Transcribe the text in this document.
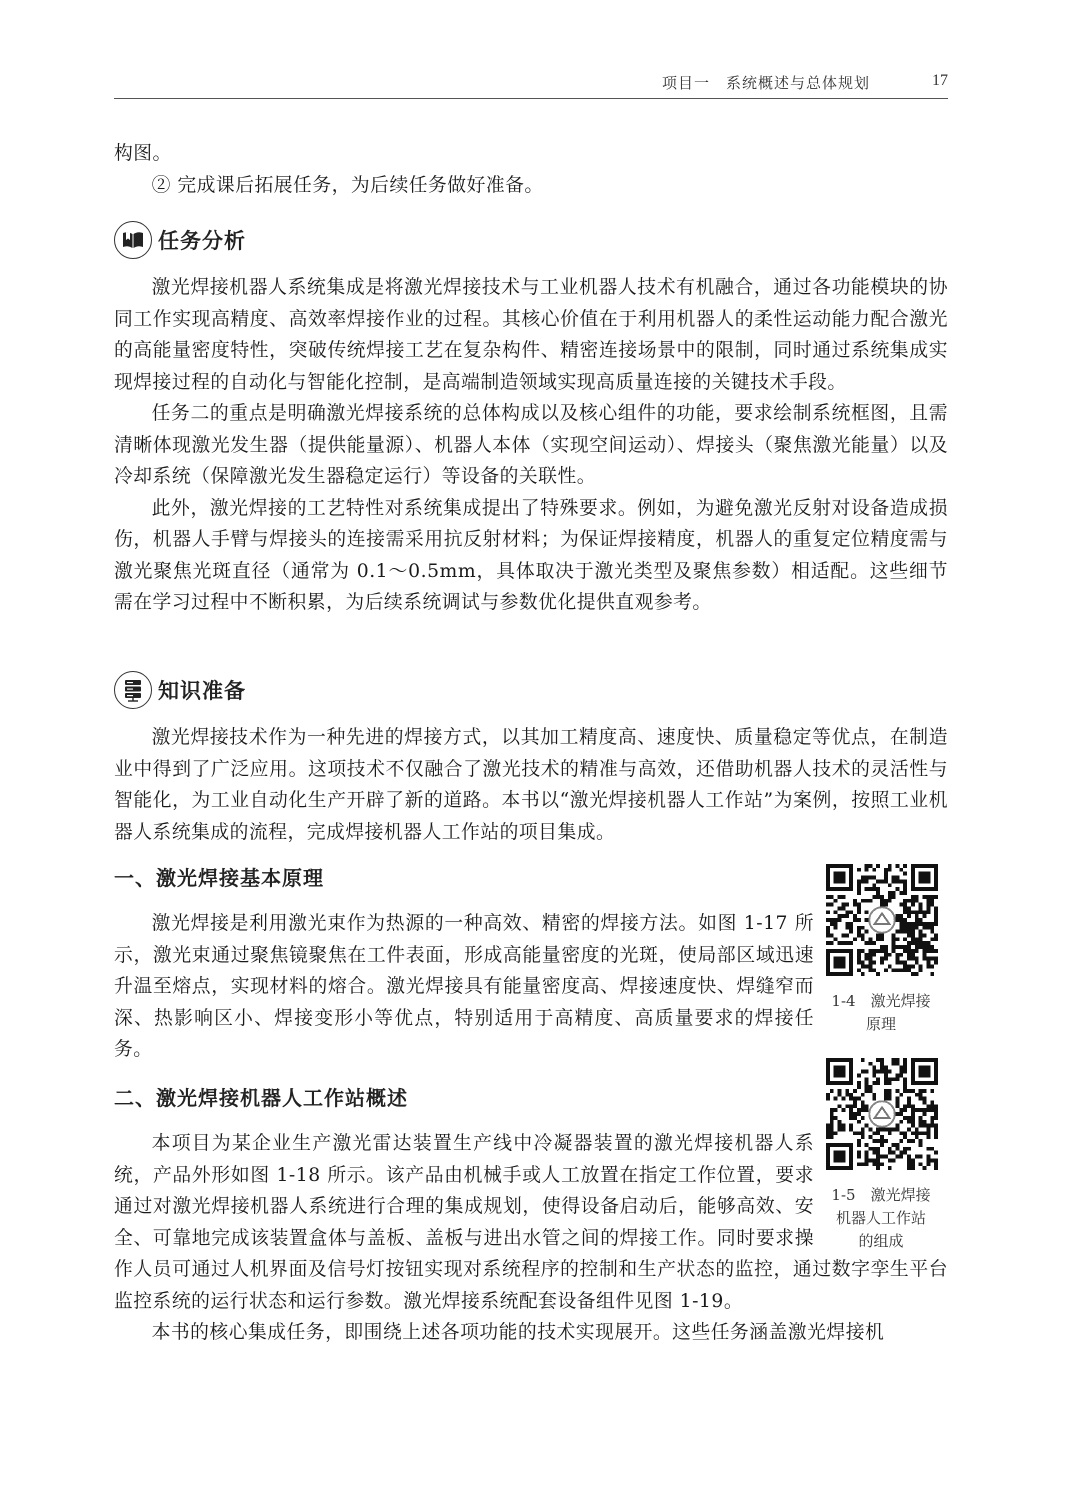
项目一　系统概述与总体规划	17

构图。

② 完成课后拓展任务，为后续任务做好准备。

任务分析

激光焊接机器人系统集成是将激光焊接技术与工业机器人技术有机融合，通过各功能模块的协同工作实现高精度、高效率焊接作业的过程。其核心价值在于利用机器人的柔性运动能力配合激光的高能量密度特性，突破传统焊接工艺在复杂构件、精密连接场景中的限制，同时通过系统集成实现焊接过程的自动化与智能化控制，是高端制造领域实现高质量连接的关键技术手段。

任务二的重点是明确激光焊接系统的总体构成以及核心组件的功能，要求绘制系统框图，且需清晰体现激光发生器（提供能量源）、机器人本体（实现空间运动）、焊接头（聚焦激光能量）以及冷却系统（保障激光发生器稳定运行）等设备的关联性。

此外，激光焊接的工艺特性对系统集成提出了特殊要求。例如，为避免激光反射对设备造成损伤，机器人手臂与焊接头的连接需采用抗反射材料；为保证焊接精度，机器人的重复定位精度需与激光聚焦光斑直径（通常为 0.1～0.5mm，具体取决于激光类型及聚焦参数）相适配。这些细节需在学习过程中不断积累，为后续系统调试与参数优化提供直观参考。

知识准备

激光焊接技术作为一种先进的焊接方式，以其加工精度高、速度快、质量稳定等优点，在制造业中得到了广泛应用。这项技术不仅融合了激光技术的精准与高效，还借助机器人技术的灵活性与智能化，为工业自动化生产开辟了新的道路。本书以“激光焊接机器人工作站”为案例，按照工业机器人系统集成的流程，完成焊接机器人工作站的项目集成。

一、激光焊接基本原理

激光焊接是利用激光束作为热源的一种高效、精密的焊接方法。如图 1-17 所示，激光束通过聚焦镜聚焦在工件表面，形成高能量密度的光斑，使局部区域迅速升温至熔点，实现材料的熔合。激光焊接具有能量密度高、焊接速度快、焊缝窄而深、热影响区小、焊接变形小等优点，特别适用于高精度、高质量要求的焊接任务。

二、激光焊接机器人工作站概述

本项目为某企业生产激光雷达装置生产线中冷凝器装置的激光焊接机器人系统，产品外形如图 1-18 所示。该产品由机械手或人工放置在指定工作位置，要求通过对激光焊接机器人系统进行合理的集成规划，使得设备启动后，能够高效、安全、可靠地完成该装置盒体与盖板、盖板与进出水管之间的焊接工作。同时要求操作人员可通过人机界面及信号灯按钮实现对系统程序的控制和生产状态的监控，通过数字孪生平台监控系统的运行状态和运行参数。激光焊接系统配套设备组件见图 1-19。

本书的核心集成任务，即围绕上述各项功能的技术实现展开。这些任务涵盖激光焊接机

1-4　激光焊接
原理
1-5　激光焊接
机器人工作站
的组成
